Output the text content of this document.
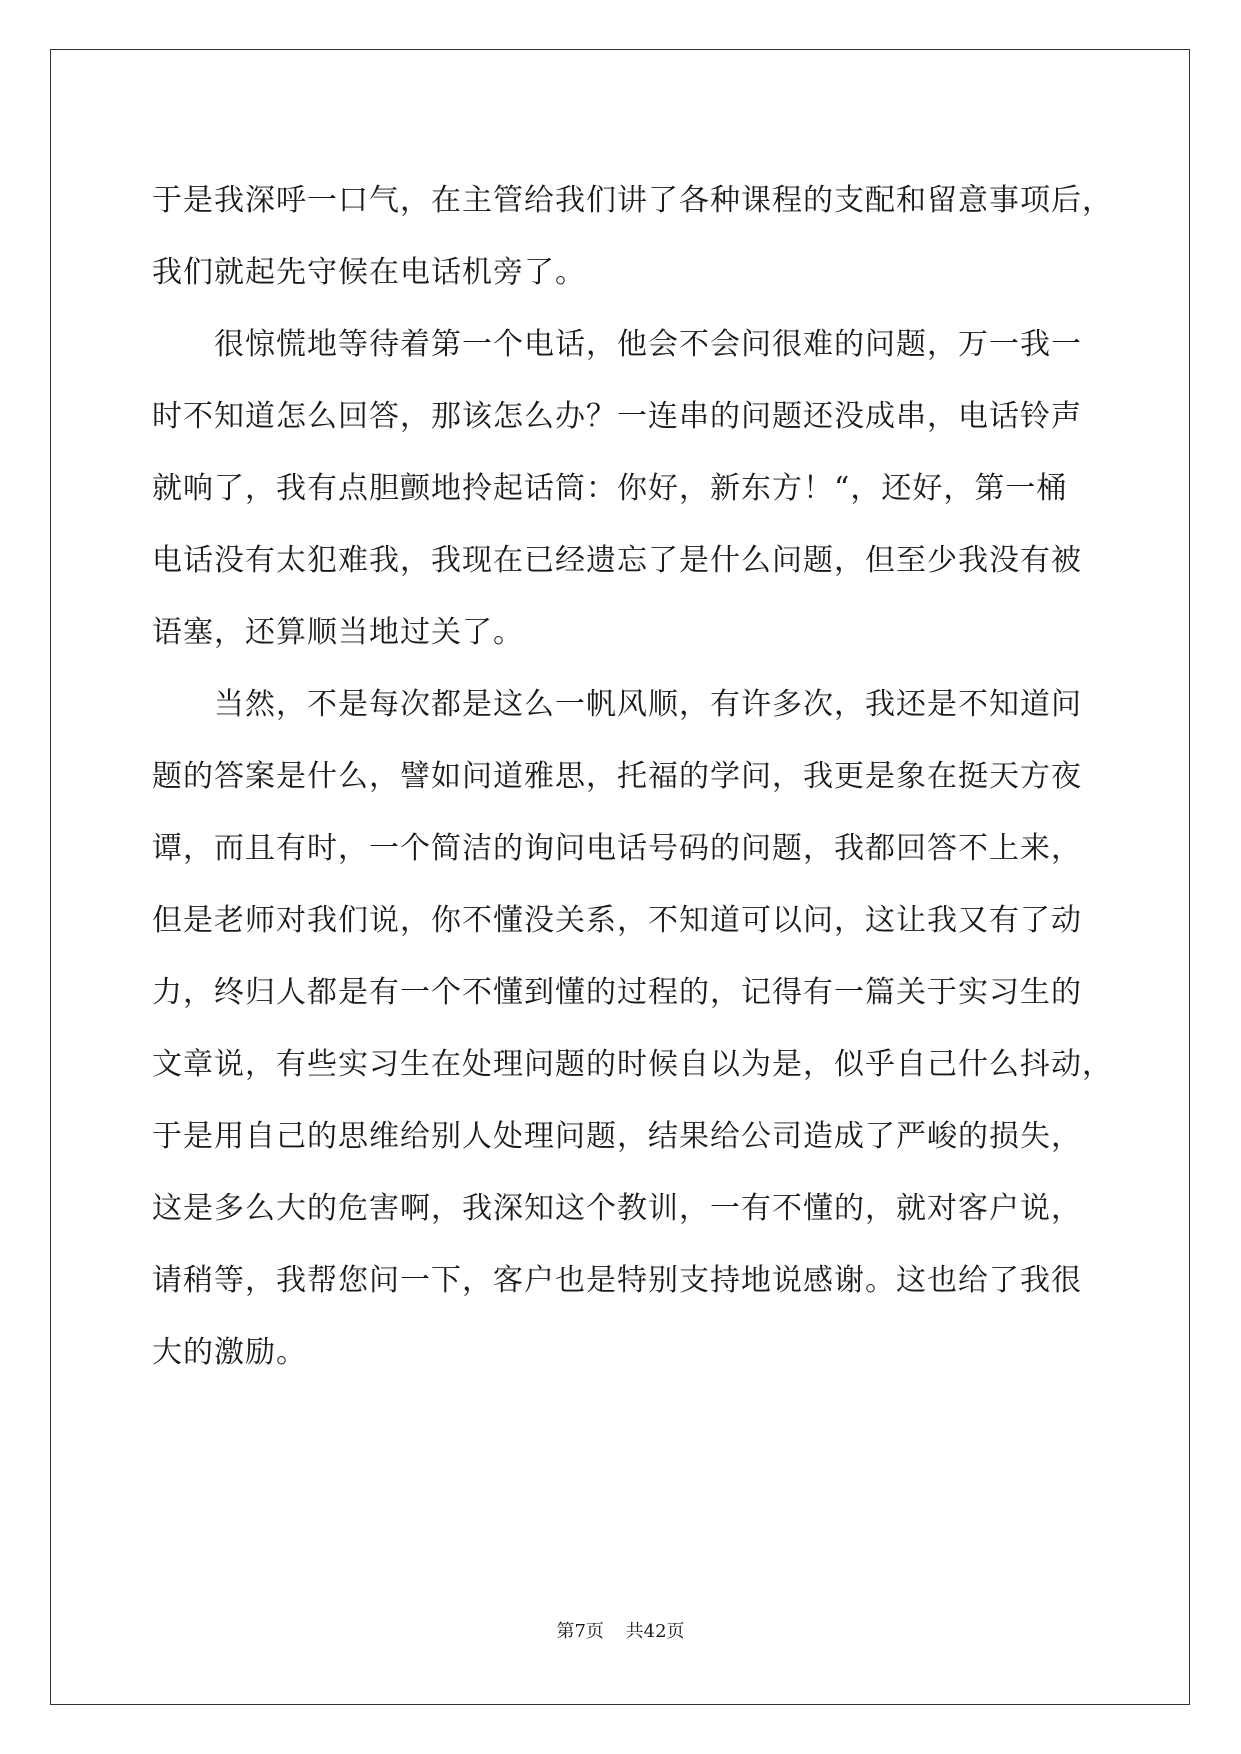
于是我深呼一口气，在主管给我们讲了各种课程的支配和留意事项后，
我们就起先守候在电话机旁了。
很惊慌地等待着第一个电话，他会不会问很难的问题，万一我一
时不知道怎么回答，那该怎么办？一连串的问题还没成串，电话铃声
就响了，我有点胆颤地拎起话筒：你好，新东方！“，还好，第一桶
电话没有太犯难我，我现在已经遗忘了是什么问题，但至少我没有被
语塞，还算顺当地过关了。
当然，不是每次都是这么一帆风顺，有许多次，我还是不知道问
题的答案是什么，譬如问道雅思，托福的学问，我更是象在挺天方夜
谭，而且有时，一个简洁的询问电话号码的问题，我都回答不上来，
但是老师对我们说，你不懂没关系，不知道可以问，这让我又有了动
力，终归人都是有一个不懂到懂的过程的，记得有一篇关于实习生的
文章说，有些实习生在处理问题的时候自以为是，似乎自己什么抖动，
于是用自己的思维给别人处理问题，结果给公司造成了严峻的损失，
这是多么大的危害啊，我深知这个教训，一有不懂的，就对客户说，
请稍等，我帮您问一下，客户也是特别支持地说感谢。这也给了我很
大的激励。
第7页 共42页
